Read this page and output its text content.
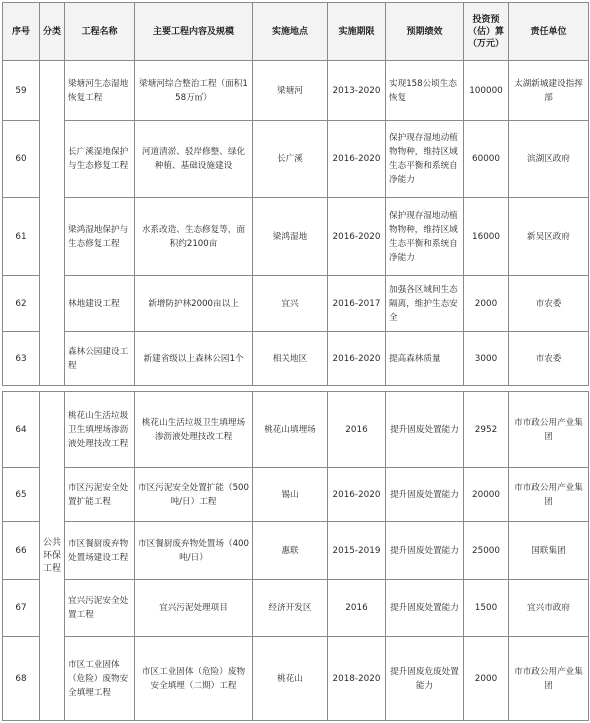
序号	分类	工程名称	主要工程内容及规模	实施地点	实施期限	预期绩效	投资预（估）算（万元）	责任单位
59		梁塘河生态湿地恢复工程	梁塘河综合整治工程（面积158万㎡）	梁塘河	2013-2020	实现158公顷生态恢复	100000	太湖新城建设指挥部
60		长广溪湿地保护与生态修复工程	河道清淤、驳岸修整、绿化种植、基础设施建设	长广溪	2016-2020	保护现存湿地动植物物种，维持区域生态平衡和系统自净能力	60000	滨湖区政府
61		梁鸿湿地保护与生态修复工程	水系改造、生态修复等，面积约2100亩	梁鸿湿地	2016-2020	保护现存湿地动植物物种，维持区域生态平衡和系统自净能力	16000	新吴区政府
62		林地建设工程	新增防护林2000亩以上	宜兴	2016-2017	加强各区域间生态隔离，维护生态安全	2000	市农委
63		森林公园建设工程	新建省级以上森林公园1个	相关地区	2016-2020	提高森林质量	3000	市农委
64	公共环保工程	桃花山生活垃圾卫生填埋场渗沥液处理技改工程	桃花山生活垃圾卫生填埋场渗沥液处理技改工程	桃花山填埋场	2016	提升固废处置能力	2952	市市政公用产业集团
65		市区污泥安全处置扩能工程	市区污泥安全处置扩能（500吨/日）工程	锡山	2016-2020	提升固废处置能力	20000	市市政公用产业集团
66		市区餐厨废弃物处置场建设工程	市区餐厨废弃物处置场（400吨/日）	惠联	2015-2019	提升固废处置能力	25000	国联集团
67		宜兴污泥安全处置工程	宜兴污泥处理项目	经济开发区	2016	提升固废处置能力	1500	宜兴市政府
68		市区工业固体（危险）废物安全填埋工程	市区工业固体（危险）废物安全填埋（二期）工程	桃花山	2018-2020	提升固废危废处置能力	2000	市市政公用产业集团
